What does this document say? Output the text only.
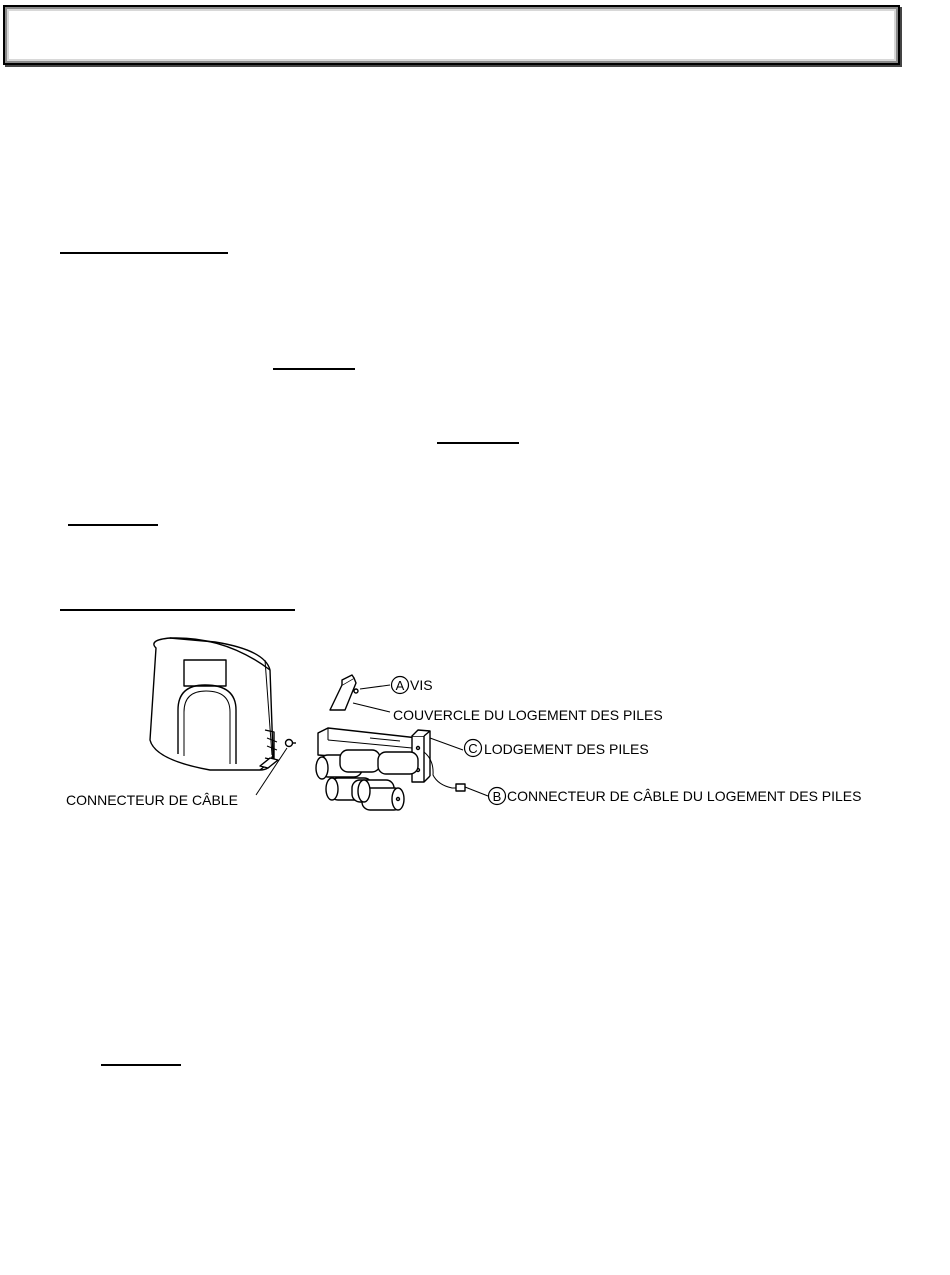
A
C
B
VIS
COUVERCLE DU LOGEMENT DES PILES
LODGEMENT DES PILES
CONNECTEUR DE CÂBLE DU LOGEMENT DES PILES
CONNECTEUR DE CÂBLE
